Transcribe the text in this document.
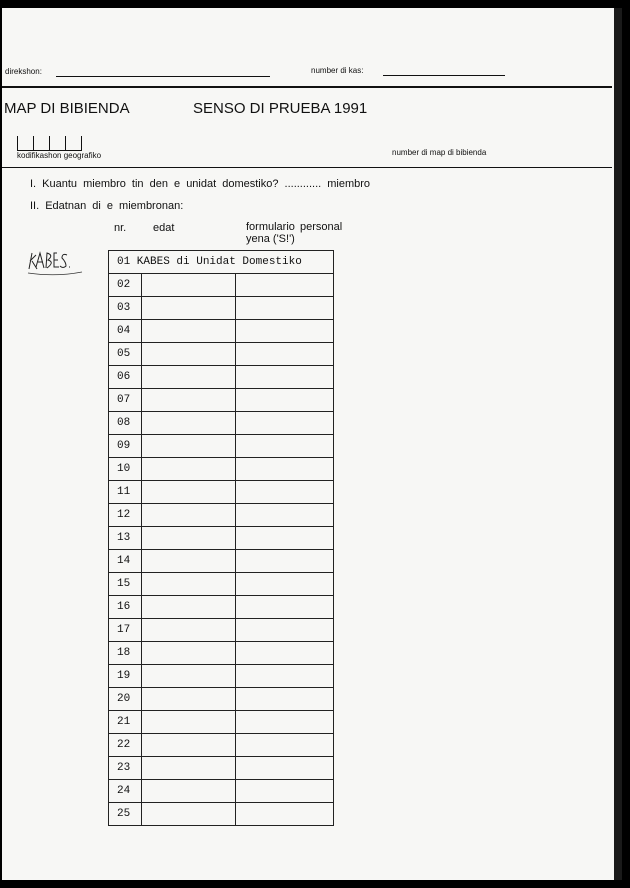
direkshon:	number di kas:
MAP DI BIBIENDA	SENSO DI PRUEBA 1991
kodifikashon geografiko	number di map di bibienda
I. Kuantu miembro tin den e unidat domestiko? ............ miembro
II. Edatnan di e miembronan:
nr. edat	formulario personal
yena ('S!')
01 KABES di Unidat Domestiko		

02		
03		
04		
05		
06		
07		
08		
09		
10		
11		
12		
13		
14		
15		
16		
17		
18		
19		
20		
21		
22		
23		
24		
25		
